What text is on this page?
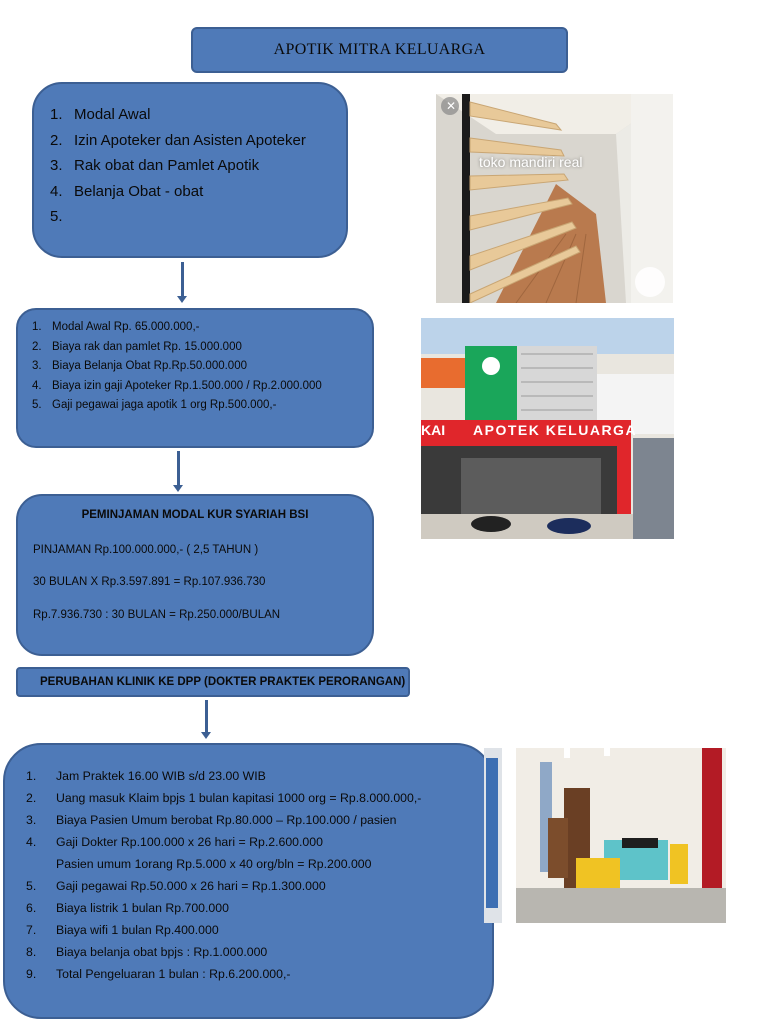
APOTIK MITRA KELUARGA
1. Modal Awal
2. Izin Apoteker dan Asisten Apoteker
3. Rak obat dan Pamlet Apotik
4. Belanja Obat - obat
5.
1. Modal Awal Rp. 65.000.000,-
2. Biaya rak dan pamlet Rp. 15.000.000
3. Biaya Belanja Obat Rp.Rp.50.000.000
4. Biaya izin gaji Apoteker Rp.1.500.000 / Rp.2.000.000
5. Gaji pegawai jaga apotik 1 org Rp.500.000,-
PEMINJAMAN MODAL KUR SYARIAH BSI
PINJAMAN Rp.100.000.000,- ( 2,5 TAHUN )
30 BULAN X Rp.3.597.891 = Rp.107.936.730
Rp.7.936.730 : 30 BULAN = Rp.250.000/BULAN
PERUBAHAN KLINIK KE DPP (DOKTER PRAKTEK PERORANGAN)
1.	Jam Praktek 16.00 WIB s/d 23.00 WIB
2.	Uang masuk Klaim bpjs 1 bulan kapitasi 1000 org = Rp.8.000.000,-
3.	Biaya Pasien Umum berobat Rp.80.000 – Rp.100.000 / pasien
4.	Gaji Dokter Rp.100.000 x 26 hari = Rp.2.600.000
Pasien umum 1orang Rp.5.000 x 40 org/bln = Rp.200.000
5.	Gaji pegawai Rp.50.000 x 26 hari = Rp.1.300.000
6.	Biaya listrik 1 bulan Rp.700.000
7.	Biaya wifi 1 bulan Rp.400.000
8.	Biaya belanja obat bpjs : Rp.1.000.000
9.	Total Pengeluaran 1 bulan : Rp.6.200.000,-
✕
toko mandiri real
KAI APOTEK KELUARGA
